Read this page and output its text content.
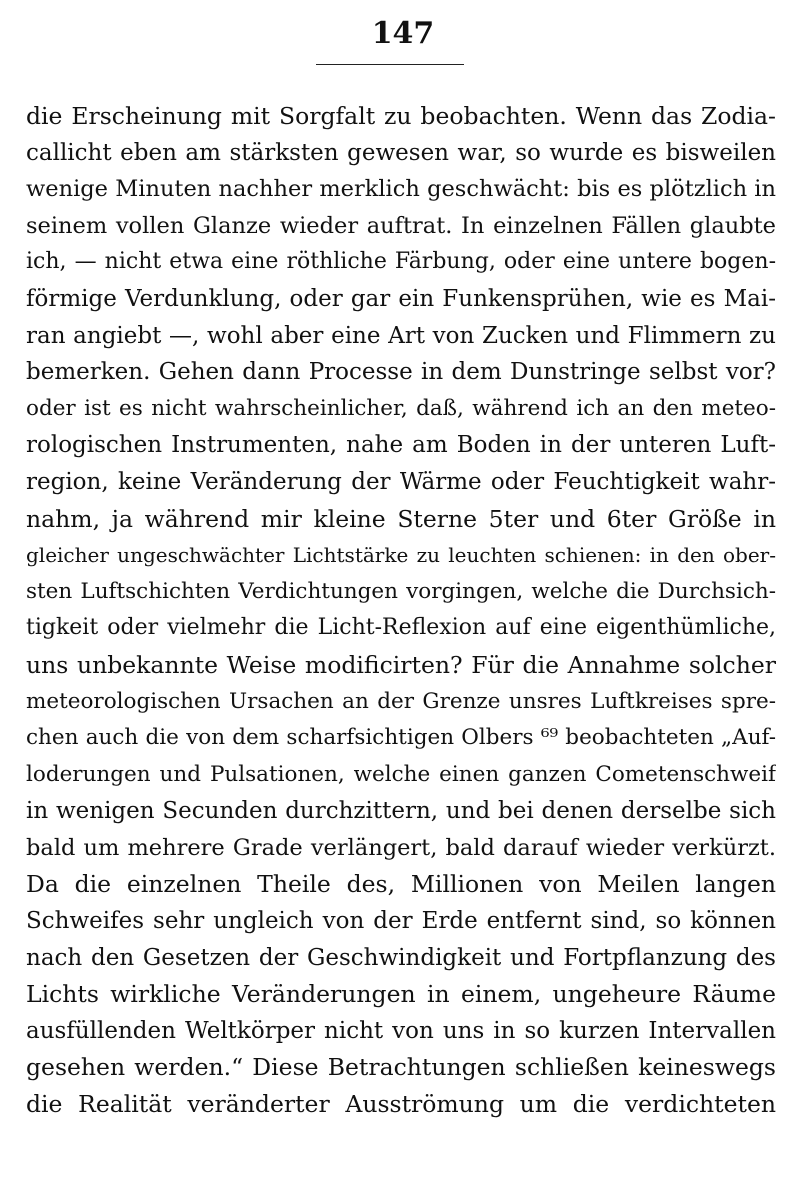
147
die Erscheinung mit Sorgfalt zu beobachten. Wenn das Zodia-
callicht eben am stärksten gewesen war, so wurde es bisweilen
wenige Minuten nachher merklich geschwächt: bis es plötzlich in
seinem vollen Glanze wieder auftrat. In einzelnen Fällen glaubte
ich, — nicht etwa eine röthliche Färbung, oder eine untere bogen-
förmige Verdunklung, oder gar ein Funkensprühen, wie es Mai-
ran angiebt —, wohl aber eine Art von Zucken und Flimmern zu
bemerken. Gehen dann Processe in dem Dunstringe selbst vor?
oder ist es nicht wahrscheinlicher, daß, während ich an den meteo-
rologischen Instrumenten, nahe am Boden in der unteren Luft-
region, keine Veränderung der Wärme oder Feuchtigkeit wahr-
nahm, ja während mir kleine Sterne 5ter und 6ter Größe in
gleicher ungeschwächter Lichtstärke zu leuchten schienen: in den ober-
sten Luftschichten Verdichtungen vorgingen, welche die Durchsich-
tigkeit oder vielmehr die Licht-Reflexion auf eine eigenthümliche,
uns unbekannte Weise modificirten? Für die Annahme solcher
meteorologischen Ursachen an der Grenze unsres Luftkreises spre-
chen auch die von dem scharfsichtigen Olbers ⁶⁹ beobachteten „Auf-
loderungen und Pulsationen, welche einen ganzen Cometenschweif
in wenigen Secunden durchzittern, und bei denen derselbe sich
bald um mehrere Grade verlängert, bald darauf wieder verkürzt.
Da die einzelnen Theile des, Millionen von Meilen langen
Schweifes sehr ungleich von der Erde entfernt sind, so können
nach den Gesetzen der Geschwindigkeit und Fortpflanzung des
Lichts wirkliche Veränderungen in einem, ungeheure Räume
ausfüllenden Weltkörper nicht von uns in so kurzen Intervallen
gesehen werden.“ Diese Betrachtungen schließen keineswegs
die Realität veränderter Ausströmung um die verdichteten
